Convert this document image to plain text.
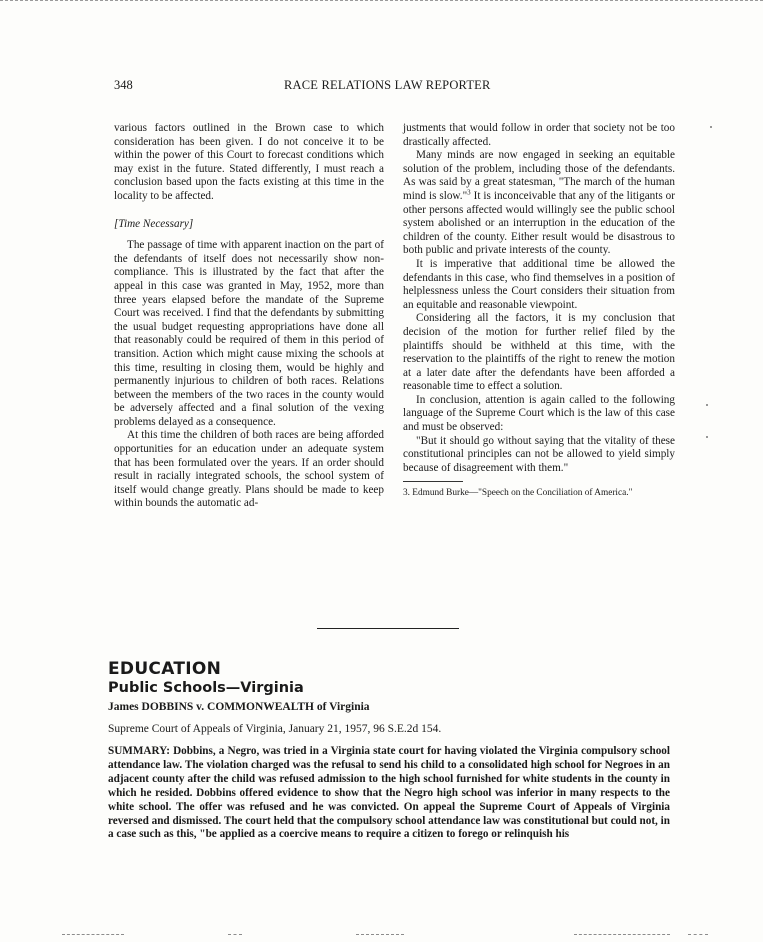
348	RACE RELATIONS LAW REPORTER

various factors outlined in the Brown case to which consideration has been given. I do not conceive it to be within the power of this Court to forecast conditions which may exist in the future. Stated differently, I must reach a conclusion based upon the facts existing at this time in the locality to be affected.

[Time Necessary]

The passage of time with apparent inaction on the part of the defendants of itself does not necessarily show non-compliance. This is illustrated by the fact that after the appeal in this case was granted in May, 1952, more than three years elapsed before the mandate of the Supreme Court was received. I find that the defendants by submitting the usual budget requesting appropriations have done all that reasonably could be required of them in this period of transition. Action which might cause mixing the schools at this time, resulting in closing them, would be highly and permanently injurious to children of both races. Relations between the members of the two races in the county would be adversely affected and a final solution of the vexing problems delayed as a consequence.

At this time the children of both races are being afforded opportunities for an education under an adequate system that has been formulated over the years. If an order should result in racially integrated schools, the school system of itself would change greatly. Plans should be made to keep within bounds the automatic ad-

justments that would follow in order that society not be too drastically affected.

Many minds are now engaged in seeking an equitable solution of the problem, including those of the defendants. As was said by a great statesman, "The march of the human mind is slow."$^3$ It is inconceivable that any of the litigants or other persons affected would willingly see the public school system abolished or an interruption in the education of the children of the county. Either result would be disastrous to both public and private interests of the county.

It is imperative that additional time be allowed the defendants in this case, who find themselves in a position of helplessness unless the Court considers their situation from an equitable and reasonable viewpoint.

Considering all the factors, it is my conclusion that decision of the motion for further relief filed by the plaintiffs should be withheld at this time, with the reservation to the plaintiffs of the right to renew the motion at a later date after the defendants have been afforded a reasonable time to effect a solution.

In conclusion, attention is again called to the following language of the Supreme Court which is the law of this case and must be observed:

"But it should go without saying that the vitality of these constitutional principles can not be allowed to yield simply because of disagreement with them."

3. Edmund Burke—"Speech on the Conciliation of America."
EDUCATION
Public Schools—Virginia
James DOBBINS v. COMMONWEALTH of Virginia
Supreme Court of Appeals of Virginia, January 21, 1957, 96 S.E.2d 154.
SUMMARY: Dobbins, a Negro, was tried in a Virginia state court for having violated the Virginia compulsory school attendance law. The violation charged was the refusal to send his child to a consolidated high school for Negroes in an adjacent county after the child was refused admission to the high school furnished for white students in the county in which he resided. Dobbins offered evidence to show that the Negro high school was inferior in many respects to the white school. The offer was refused and he was convicted. On appeal the Supreme Court of Appeals of Virginia reversed and dismissed. The court held that the compulsory school attendance law was constitutional but could not, in a case such as this, "be applied as a coercive means to require a citizen to forego or relinquish his
